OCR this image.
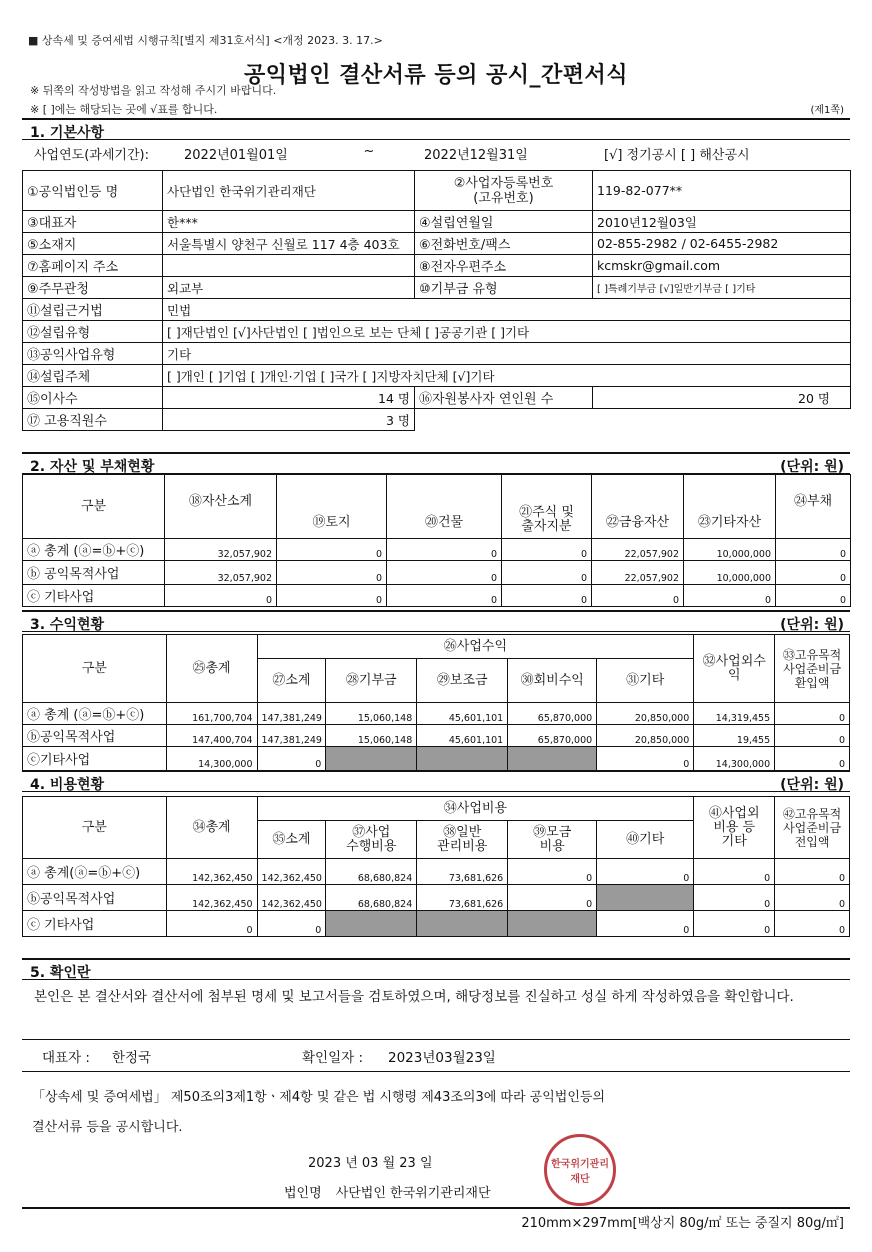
■ 상속세 및 증여세법 시행규칙[별지 제31호서식] <개정 2023. 3. 17.>
공익법인 결산서류 등의 공시_간편서식
※ 뒤쪽의 작성방법을 읽고 작성해 주시기 바랍니다.
※ [ ]에는 해당되는 곳에 √표를 합니다.	(제1쪽)
1. 기본사항
사업연도(과세기간):	2022년01월01일	~	2022년12월31일	[√] 정기공시 [ ] 해산공시
①공익법인등 명	사단법인 한국위기관리재단	②사업자등록번호
(고유번호)	119-82-077**
③대표자	한***	④설립연월일	2010년12월03일
⑤소재지	서울특별시 양천구 신월로 117 4층 403호	⑥전화번호/팩스	02-855-2982 / 02-6455-2982
⑦홈페이지 주소		⑧전자우편주소	kcmskr@gmail.com
⑨주무관청	외교부	⑩기부금 유형	[ ]특례기부금 [√]일반기부금 [ ]기타
⑪설립근거법	민법		
⑫설립유형	[ ]재단법인 [√]사단법인 [ ]법인으로 보는 단체 [ ]공공기관 [ ]기타		
⑬공익사업유형	기타		
⑭설립주체	[ ]개인 [ ]기업 [ ]개인·기업 [ ]국가 [ ]지방자치단체 [√]기타		
⑮이사수	14 명	⑯자원봉사자 연인원 수	20 명
⑰ 고용직원수	3 명		
2. 자산 및 부채현황	(단위: 원)
구분	⑱자산소계	⑲토지	⑳건물	㉑주식 및
출자지분	㉒금융자산	㉓기타자산	㉔부채
ⓐ 총계 (ⓐ=ⓑ+ⓒ)	32,057,902	0	0	0	22,057,902	10,000,000	0
ⓑ 공익목적사업	32,057,902	0	0	0	22,057,902	10,000,000	0
ⓒ 기타사업	0	0	0	0	0	0	0
3. 수익현황	(단위: 원)
구분	㉕총계	㉖사업수익					㉜사업외수
익	㉝고유목적
사업준비금
환입액
		㉗소계	㉘기부금	㉙보조금	㉚회비수익	㉛기타		
ⓐ 총계 (ⓐ=ⓑ+ⓒ)	161,700,704	147,381,249	15,060,148	45,601,101	65,870,000	20,850,000	14,319,455	0
ⓑ공익목적사업	147,400,704	147,381,249	15,060,148	45,601,101	65,870,000	20,850,000	19,455	0
ⓒ기타사업	14,300,000	0				0	14,300,000	0
4. 비용현황	(단위: 원)
구분	㉞총계	㉞사업비용					㊶사업외
비용 등
기타	㊷고유목적
사업준비금
전입액
		㉟소계	㊲사업
수행비용	㊳일반
관리비용	㊴모금
비용	㊵기타		
ⓐ 총계(ⓐ=ⓑ+ⓒ)	142,362,450	142,362,450	68,680,824	73,681,626	0	0	0	0
ⓑ공익목적사업	142,362,450	142,362,450	68,680,824	73,681,626	0		0	0
ⓒ 기타사업	0	0				0	0	0
5. 확인란

본인은 본 결산서와 결산서에 첨부된 명세 및 보고서들을 검토하였으며, 해당정보를 진실하고 성실 하게 작성하였음을 확인합니다.

대표자 :	한정국	확인일자 :	2023년03월23일
「상속세 및 증여세법」 제50조의3제1항ㆍ제4항 및 같은 법 시행령 제43조의3에 따라 공익법인등의
결산서류 등을 공시합니다.
2023 년 03 월 23 일
법인명 사단법인 한국위기관리재단
한국위기관리재단
210mm×297mm[백상지 80g/㎡ 또는 중질지 80g/㎡]
